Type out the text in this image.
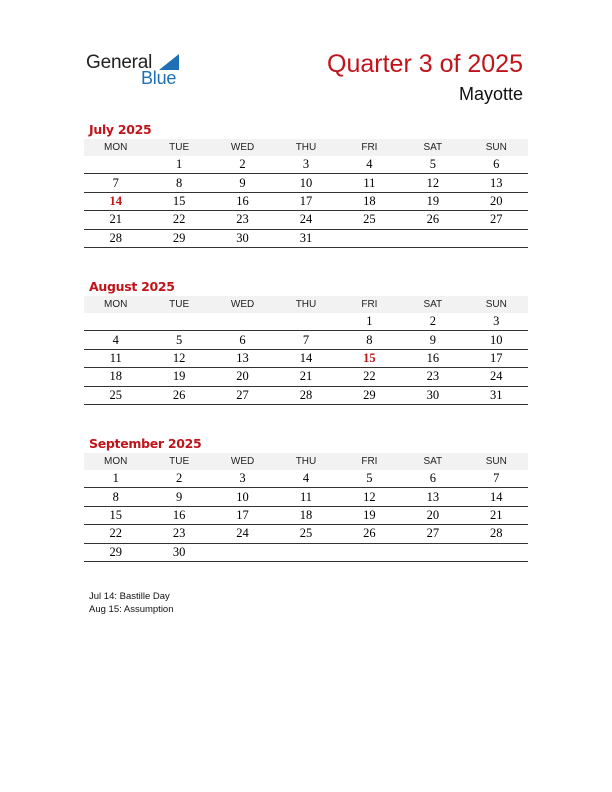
General
Blue	Quarter 3 of 2025
Mayotte
July 2025
MON	TUE	WED	THU	FRI	SAT	SUN
	1	2	3	4	5	6
7	8	9	10	11	12	13
14	15	16	17	18	19	20
21	22	23	24	25	26	27
28	29	30	31			
August 2025
MON	TUE	WED	THU	FRI	SAT	SUN
				1	2	3
4	5	6	7	8	9	10
11	12	13	14	15	16	17
18	19	20	21	22	23	24
25	26	27	28	29	30	31
September 2025
MON	TUE	WED	THU	FRI	SAT	SUN
1	2	3	4	5	6	7
8	9	10	11	12	13	14
15	16	17	18	19	20	21
22	23	24	25	26	27	28
29	30					
Jul 14: Bastille Day
Aug 15: Assumption
